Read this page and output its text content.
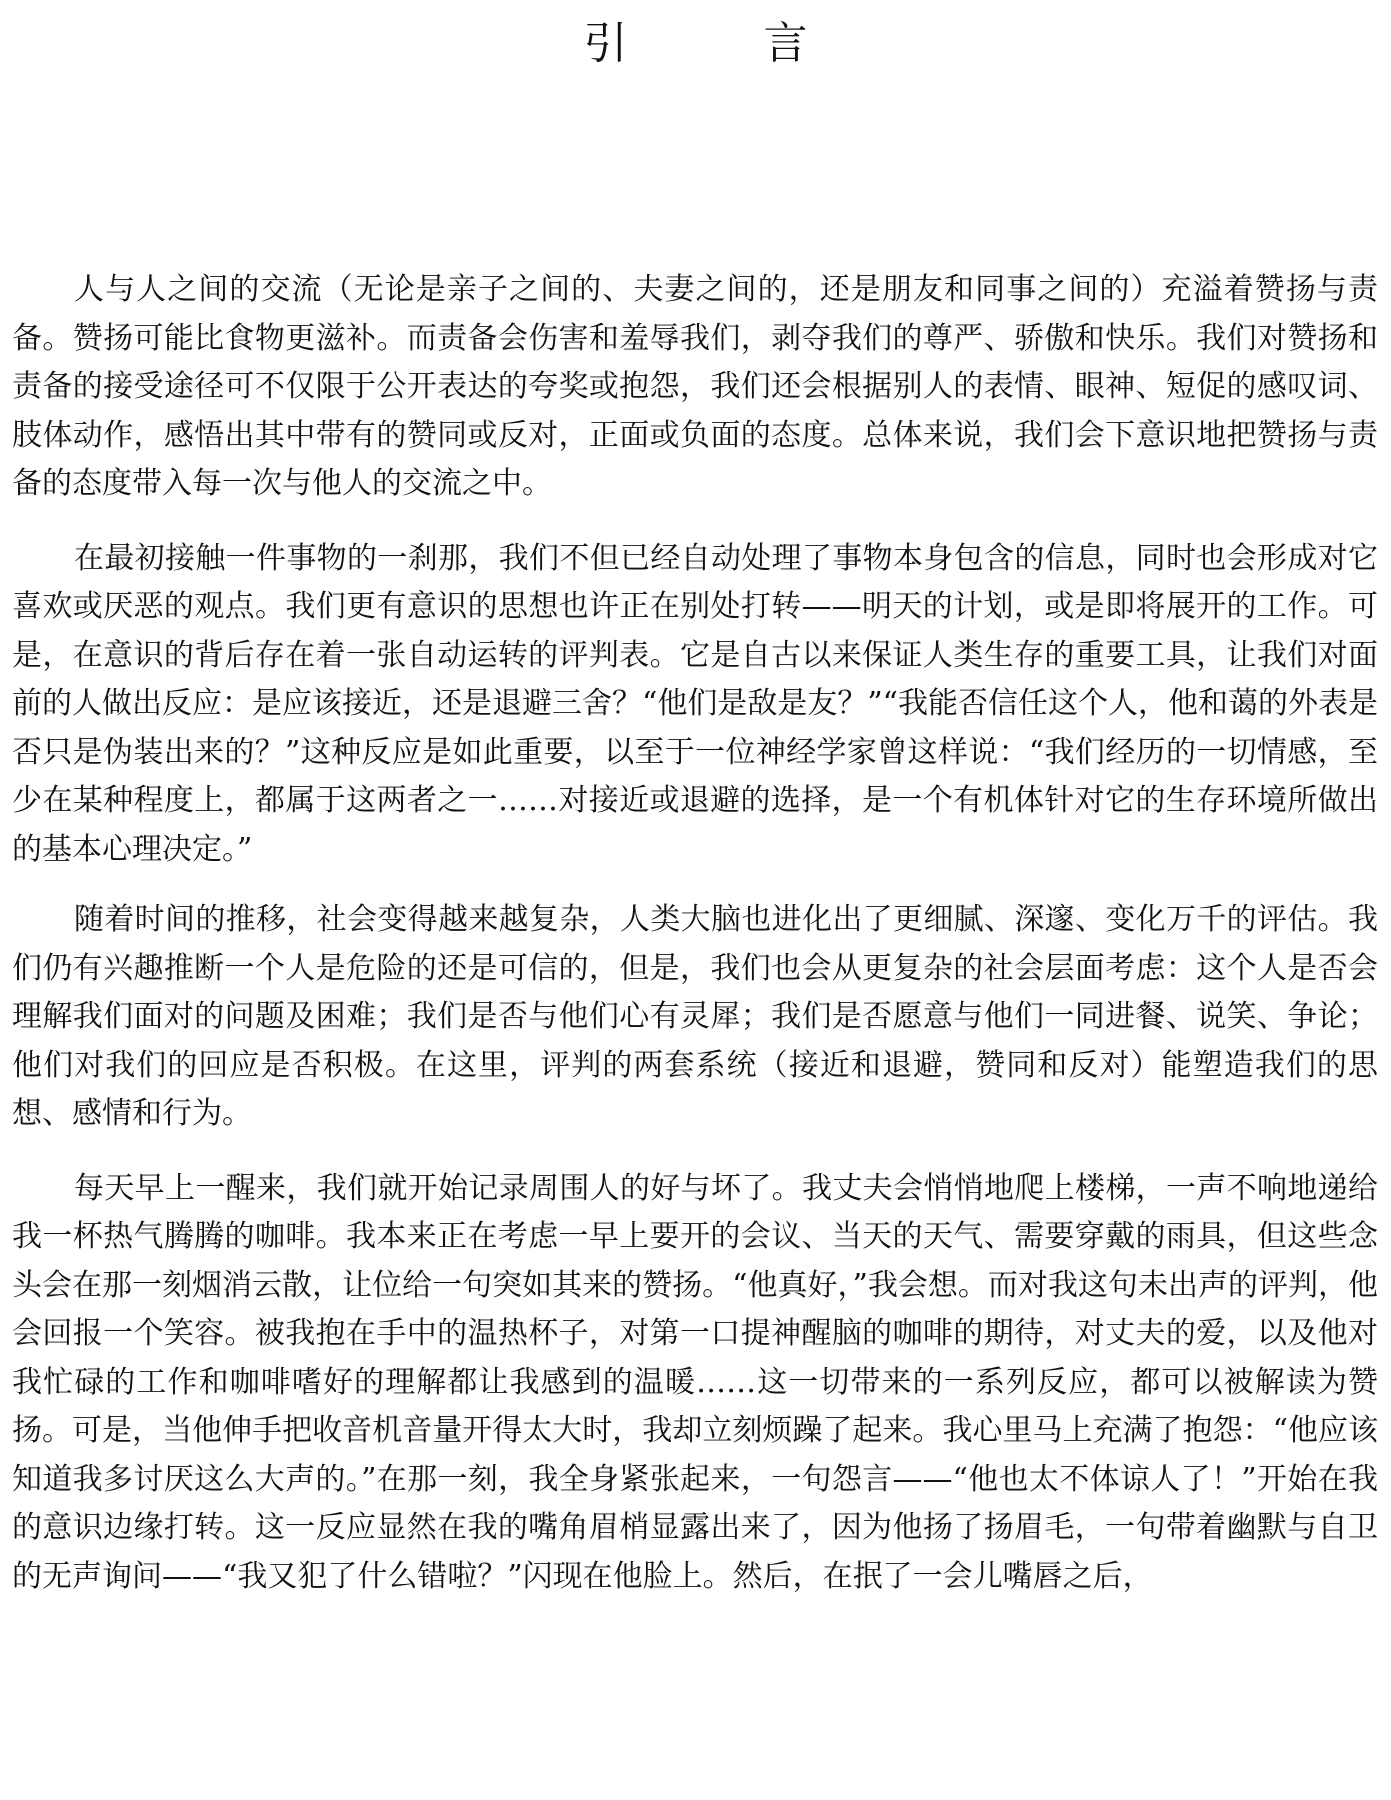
引　言

人与人之间的交流（无论是亲子之间的、夫妻之间的，还是朋友和同事之间的）充溢着赞扬与责备。赞扬可能比食物更滋补。而责备会伤害和羞辱我们，剥夺我们的尊严、骄傲和快乐。我们对赞扬和责备的接受途径可不仅限于公开表达的夸奖或抱怨，我们还会根据别人的表情、眼神、短促的感叹词、肢体动作，感悟出其中带有的赞同或反对，正面或负面的态度。总体来说，我们会下意识地把赞扬与责备的态度带入每一次与他人的交流之中。

在最初接触一件事物的一刹那，我们不但已经自动处理了事物本身包含的信息，同时也会形成对它喜欢或厌恶的观点。我们更有意识的思想也许正在别处打转——明天的计划，或是即将展开的工作。可是，在意识的背后存在着一张自动运转的评判表。它是自古以来保证人类生存的重要工具，让我们对面前的人做出反应：是应该接近，还是退避三舍？“他们是敌是友？”“我能否信任这个人，他和蔼的外表是否只是伪装出来的？”这种反应是如此重要，以至于一位神经学家曾这样说：“我们经历的一切情感，至少在某种程度上，都属于这两者之一……对接近或退避的选择，是一个有机体针对它的生存环境所做出的基本心理决定。”

随着时间的推移，社会变得越来越复杂，人类大脑也进化出了更细腻、深邃、变化万千的评估。我们仍有兴趣推断一个人是危险的还是可信的，但是，我们也会从更复杂的社会层面考虑：这个人是否会理解我们面对的问题及困难；我们是否与他们心有灵犀；我们是否愿意与他们一同进餐、说笑、争论；他们对我们的回应是否积极。在这里，评判的两套系统（接近和退避，赞同和反对）能塑造我们的思想、感情和行为。

每天早上一醒来，我们就开始记录周围人的好与坏了。我丈夫会悄悄地爬上楼梯，一声不响地递给我一杯热气腾腾的咖啡。我本来正在考虑一早上要开的会议、当天的天气、需要穿戴的雨具，但这些念头会在那一刻烟消云散，让位给一句突如其来的赞扬。“他真好，”我会想。而对我这句未出声的评判，他会回报一个笑容。被我抱在手中的温热杯子，对第一口提神醒脑的咖啡的期待，对丈夫的爱，以及他对我忙碌的工作和咖啡嗜好的理解都让我感到的温暖……这一切带来的一系列反应，都可以被解读为赞扬。可是，当他伸手把收音机音量开得太大时，我却立刻烦躁了起来。我心里马上充满了抱怨：“他应该知道我多讨厌这么大声的。”在那一刻，我全身紧张起来，一句怨言——“他也太不体谅人了！”开始在我的意识边缘打转。这一反应显然在我的嘴角眉梢显露出来了，因为他扬了扬眉毛，一句带着幽默与自卫的无声询问——“我又犯了什么错啦？”闪现在他脸上。然后，在抿了一会儿嘴唇之后，
